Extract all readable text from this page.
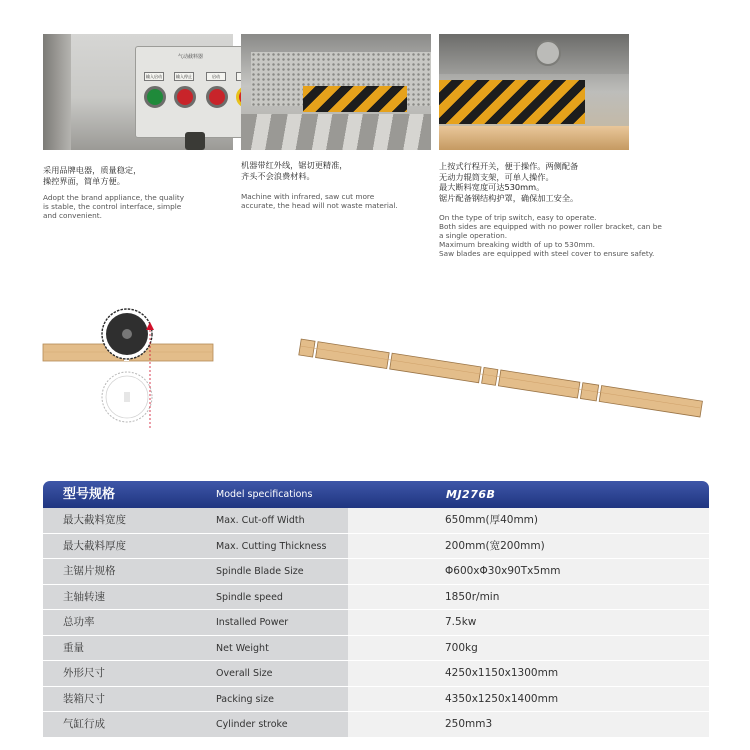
气动截料器
输入启动	输入停止	启动
采用品牌电器，质量稳定，
操控界面，简单方便。
Adopt the brand appliance, the quality
is stable, the control interface, simple
and convenient.
机器带红外线，锯切更精准，
齐头不会浪费材料。
Machine with infrared, saw cut more
accurate, the head will not waste material.
上按式行程开关，便于操作。两侧配备
无动力辊筒支架，可单人操作。
最大断料宽度可达530mm。
锯片配备钢结构护罩，确保加工安全。
On the type of trip switch, easy to operate.
Both sides are equipped with no power roller bracket, can be
a single operation.
Maximum breaking width of up to 530mm.
Saw blades are equipped with steel cover to ensure safety.
型号规格	Model specifications	MJ276B
最大截料宽度	Max. Cut-off Width	650mm(厚40mm)
最大截料厚度	Max. Cutting Thickness	200mm(宽200mm)
主锯片规格	Spindle Blade Size	Φ600xΦ30x90Tx5mm
主轴转速	Spindle speed	1850r/min
总功率	Installed Power	7.5kw
重量	Net Weight	700kg
外形尺寸	Overall Size	4250x1150x1300mm
装箱尺寸	Packing size	4350x1250x1400mm
气缸行成	Cylinder stroke	250mm3
